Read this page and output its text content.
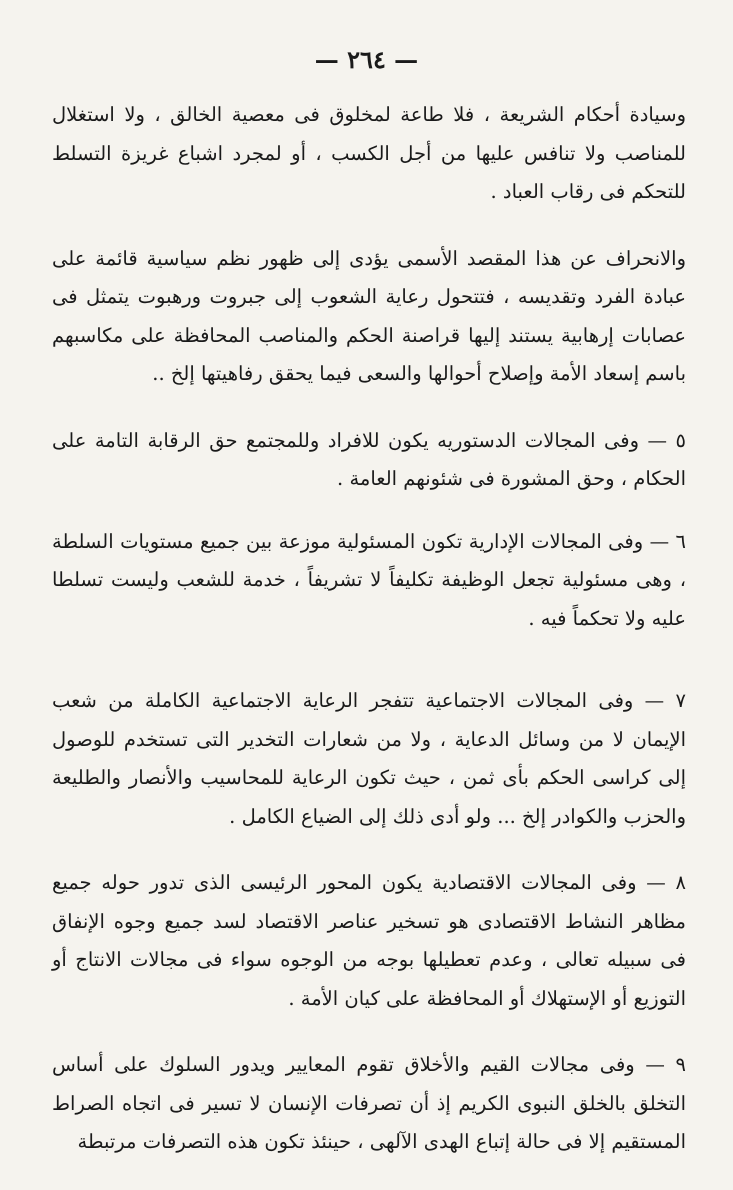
— ٢٦٤ —

وسيادة أحكام الشريعة ، فلا طاعة لمخلوق فى معصية الخالق ، ولا استغلال للمناصب ولا تنافس عليها من أجل الكسب ، أو لمجرد اشباع غريزة التسلط للتحكم فى رقاب العباد .

والانحراف عن هذا المقصد الأسمى يؤدى إلى ظهور نظم سياسية قائمة على عبادة الفرد وتقديسه ، فتتحول رعاية الشعوب إلى جبروت ورهبوت يتمثل فى عصابات إرهابية يستند إليها قراصنة الحكم والمناصب المحافظة على مكاسبهم باسم إسعاد الأمة وإصلاح أحوالها والسعى فيما يحقق رفاهيتها إلخ ..

٥ — وفى المجالات الدستوريه يكون للافراد وللمجتمع حق الرقابة التامة على الحكام ، وحق المشورة فى شئونهم العامة .

٦ — وفى المجالات الإدارية تكون المسئولية موزعة بين جميع مستويات السلطة ، وهى مسئولية تجعل الوظيفة تكليفاً لا تشريفاً ، خدمة للشعب وليست تسلطا عليه ولا تحكماً فيه .

٧ — وفى المجالات الاجتماعية تتفجر الرعاية الاجتماعية الكاملة من شعب الإيمان لا من وسائل الدعاية ، ولا من شعارات التخدير التى تستخدم للوصول إلى كراسى الحكم بأى ثمن ، حيث تكون الرعاية للمحاسيب والأنصار والطليعة والحزب والكوادر إلخ ... ولو أدى ذلك إلى الضياع الكامل .

٨ — وفى المجالات الاقتصادية يكون المحور الرئيسى الذى تدور حوله جميع مظاهر النشاط الاقتصادى هو تسخير عناصر الاقتصاد لسد جميع وجوه الإنفاق فى سبيله تعالى ، وعدم تعطيلها بوجه من الوجوه سواء فى مجالات الانتاج أو التوزيع أو الإستهلاك أو المحافظة على كيان الأمة .

٩ — وفى مجالات القيم والأخلاق تقوم المعايير ويدور السلوك على أساس التخلق بالخلق النبوى الكريم إذ أن تصرفات الإنسان لا تسير فى اتجاه الصراط المستقيم إلا فى حالة إتباع الهدى الآلهى ، حينئذ تكون هذه التصرفات مرتبطة
